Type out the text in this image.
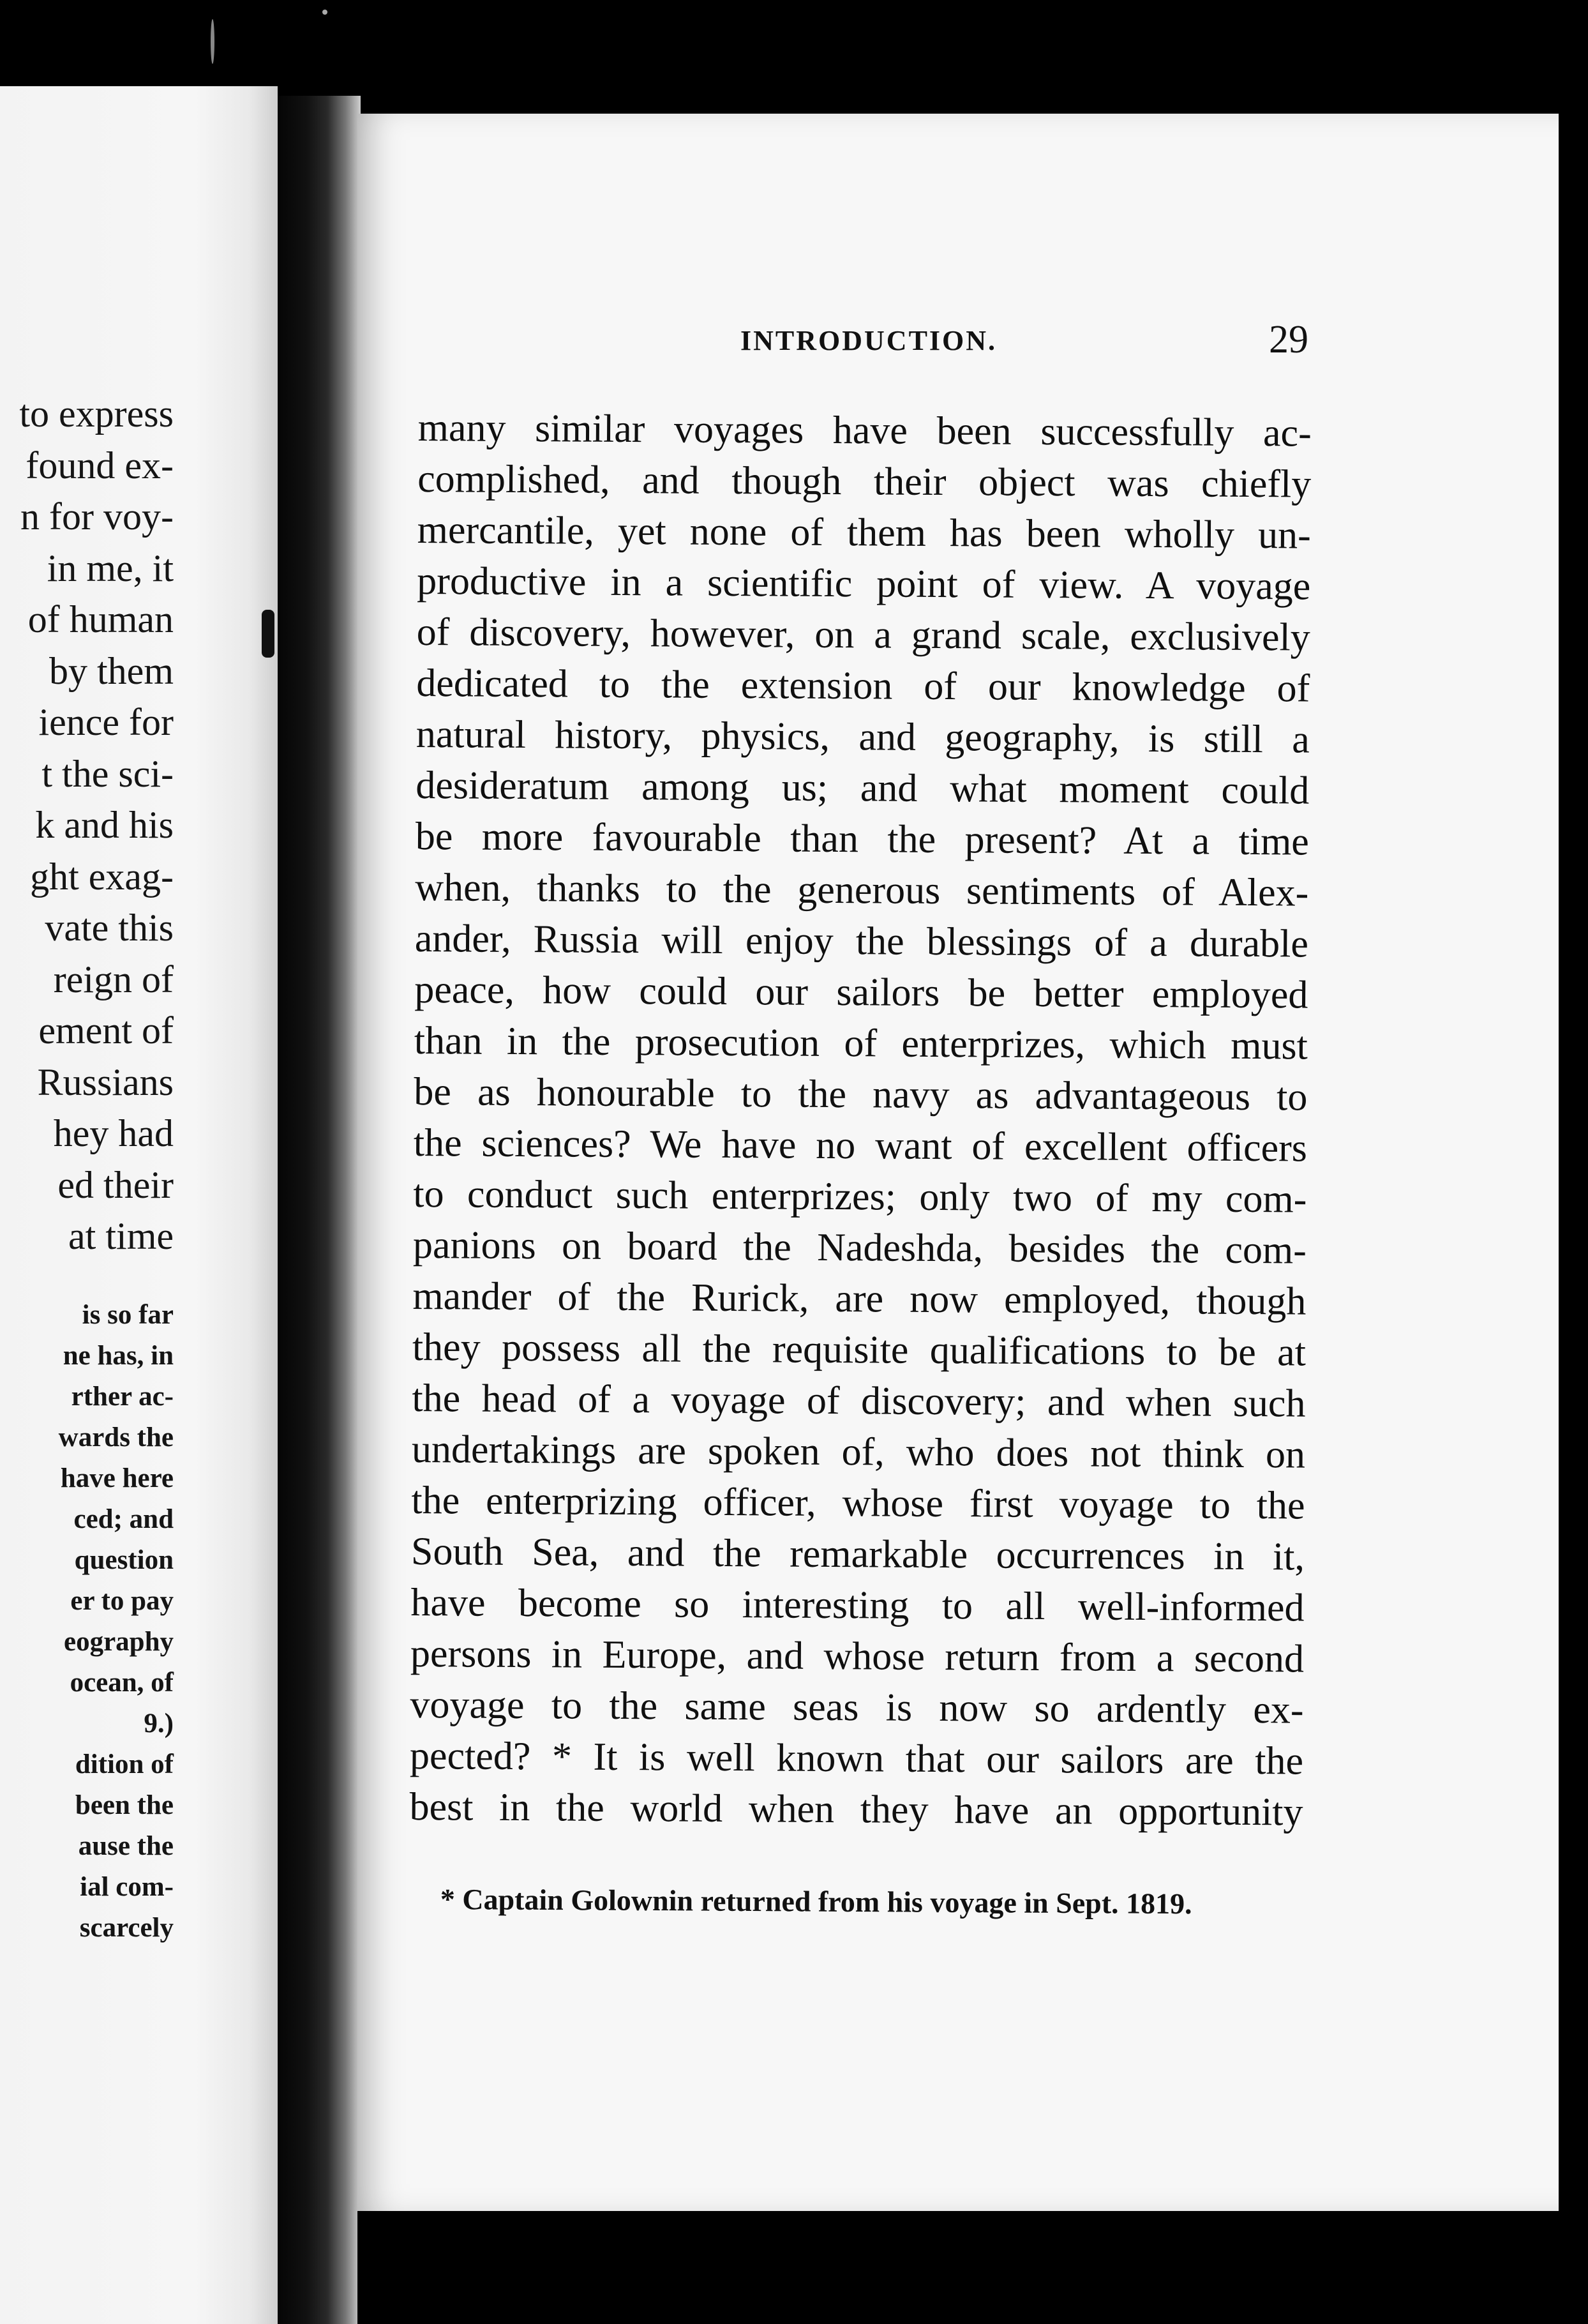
to express
found ex-
n for voy-
in me, it
of human
by them
ience for
t the sci-
k and his
ght exag-
vate this
reign of
ement of
Russians
hey had
ed their
at time
is so far
ne has, in
rther ac-
wards the
have here
ced; and
question
er to pay
eography
ocean, of
9.)
dition of
been the
ause the
ial com-
scarcely
INTRODUCTION.	29
many similar voyages have been successfully ac-
complished, and though their object was chiefly
mercantile, yet none of them has been wholly un-
productive in a scientific point of view. A voyage
of discovery, however, on a grand scale, exclusively
dedicated to the extension of our knowledge of
natural history, physics, and geography, is still a
desideratum among us; and what moment could
be more favourable than the present? At a time
when, thanks to the generous sentiments of Alex-
ander, Russia will enjoy the blessings of a durable
peace, how could our sailors be better employed
than in the prosecution of enterprizes, which must
be as honourable to the navy as advantageous to
the sciences? We have no want of excellent officers
to conduct such enterprizes; only two of my com-
panions on board the Nadeshda, besides the com-
mander of the Rurick, are now employed, though
they possess all the requisite qualifications to be at
the head of a voyage of discovery; and when such
undertakings are spoken of, who does not think on
the enterprizing officer, whose first voyage to the
South Sea, and the remarkable occurrences in it,
have become so interesting to all well-informed
persons in Europe, and whose return from a second
voyage to the same seas is now so ardently ex-
pected? * It is well known that our sailors are the
best in the world when they have an opportunity
* Captain Golownin returned from his voyage in Sept. 1819.
